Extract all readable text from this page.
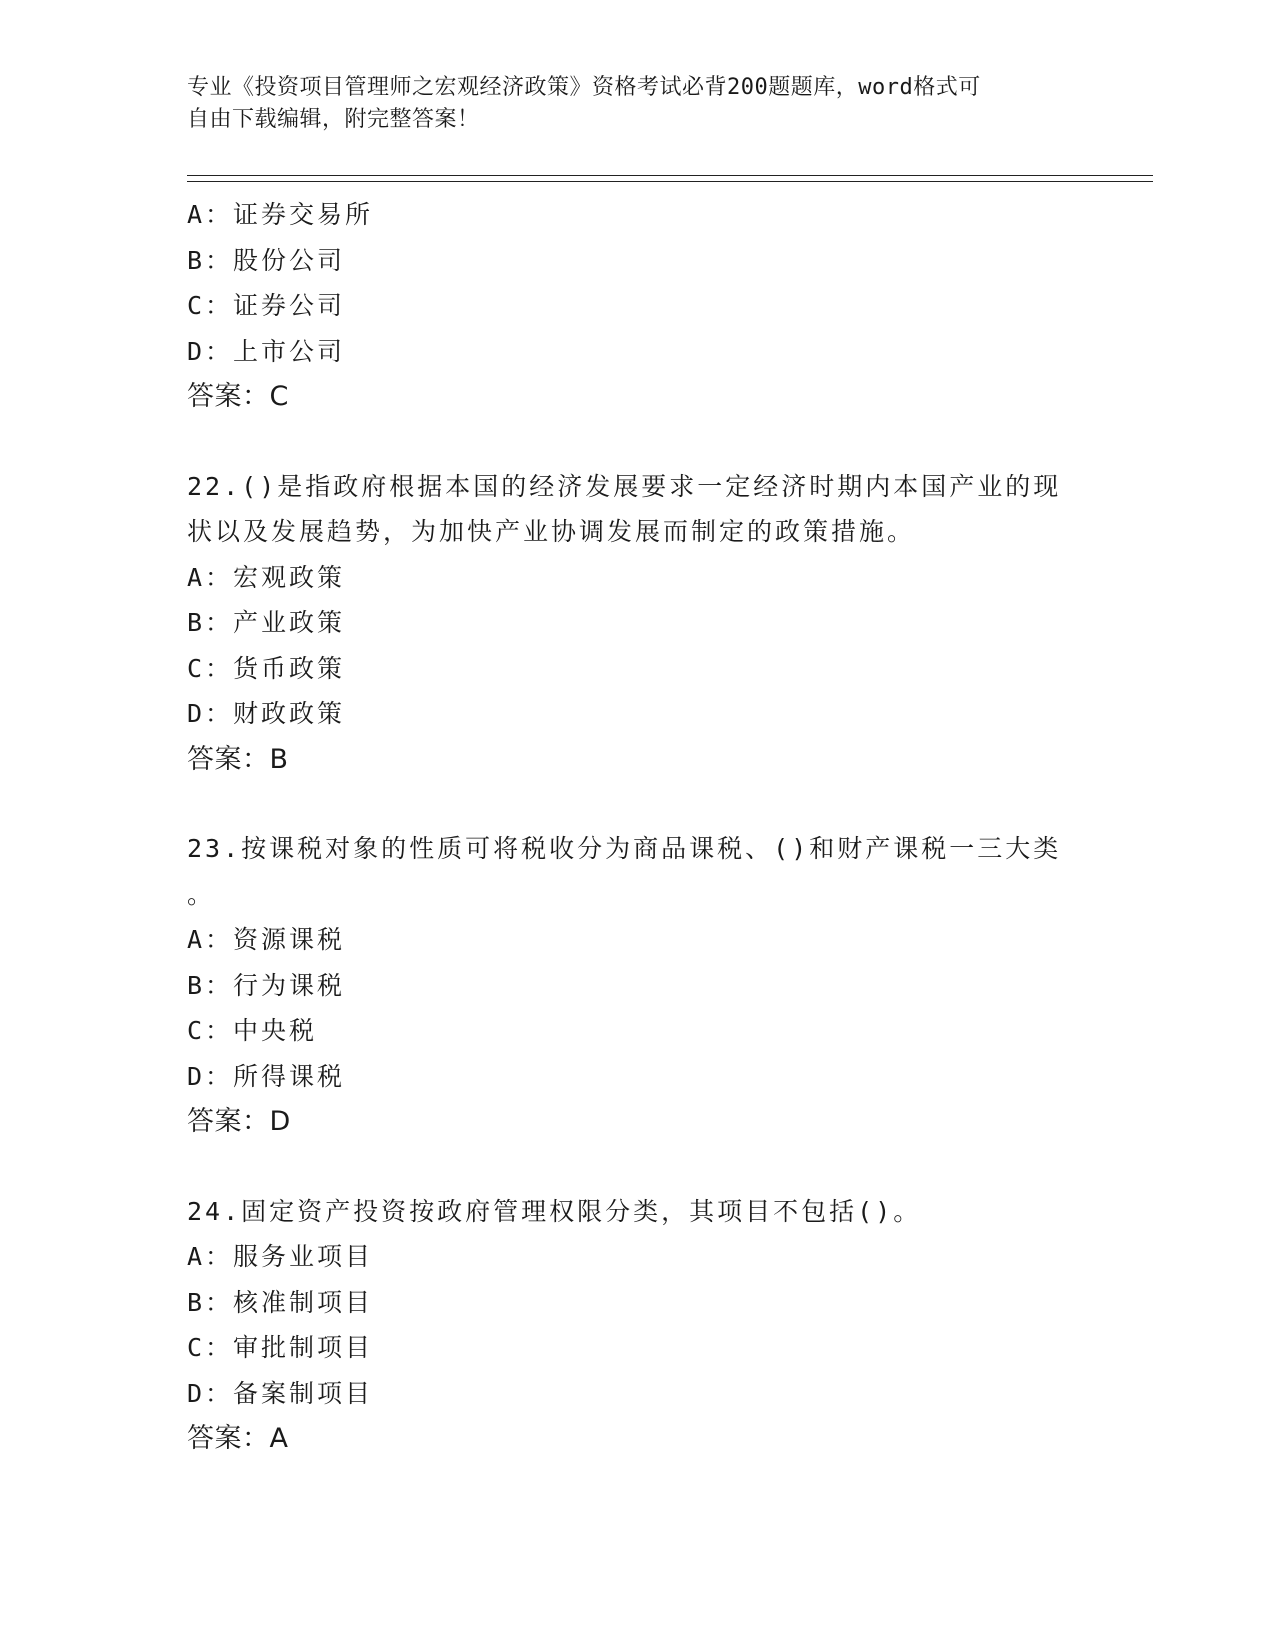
专业《投资项目管理师之宏观经济政策》资格考试必背200题题库，word格式可
自由下载编辑，附完整答案！
A：证券交易所
B：股份公司
C：证券公司
D：上市公司
答案：C
22.()是指政府根据本国的经济发展要求一定经济时期内本国产业的现
状以及发展趋势，为加快产业协调发展而制定的政策措施。
A：宏观政策
B：产业政策
C：货币政策
D：财政政策
答案：B
23.按课税对象的性质可将税收分为商品课税、()和财产课税一三大类
。
A：资源课税
B：行为课税
C：中央税
D：所得课税
答案：D
24.固定资产投资按政府管理权限分类，其项目不包括()。
A：服务业项目
B：核准制项目
C：审批制项目
D：备案制项目
答案：A
